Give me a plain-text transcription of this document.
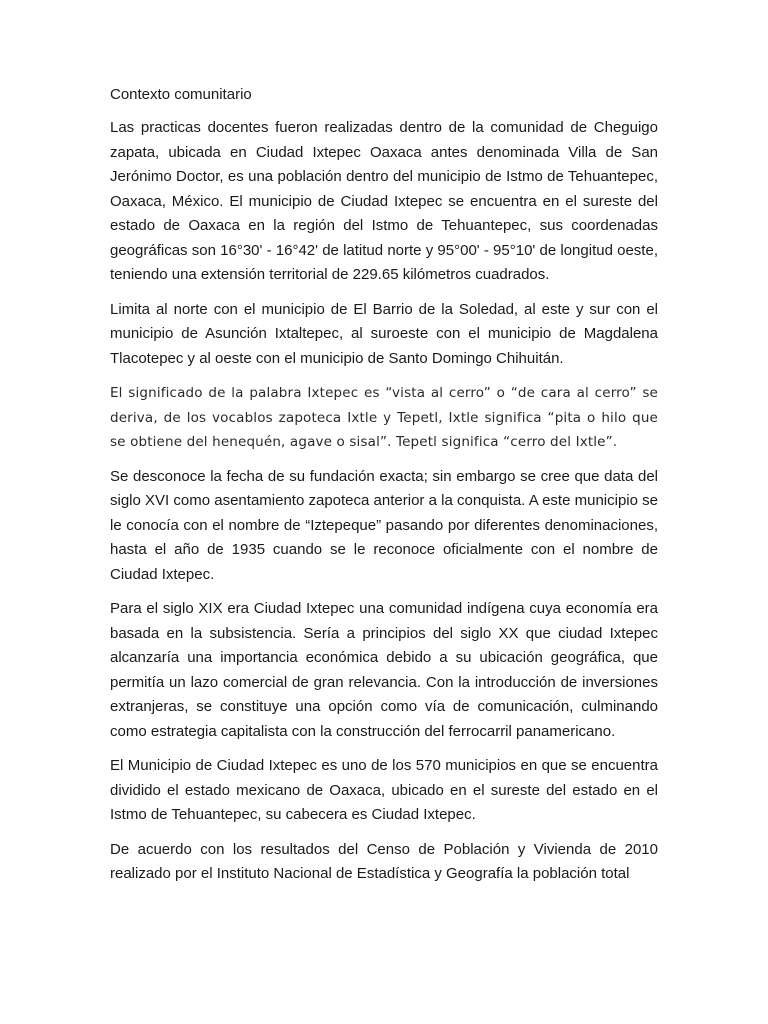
Contexto comunitario

Las practicas docentes fueron realizadas dentro de la comunidad de Cheguigo zapata, ubicada en Ciudad Ixtepec Oaxaca antes denominada Villa de San Jerónimo Doctor, es una población dentro del municipio de Istmo de Tehuantepec, Oaxaca, México. El municipio de Ciudad Ixtepec se encuentra en el sureste del estado de Oaxaca en la región del Istmo de Tehuantepec, sus coordenadas geográficas son 16°30' - 16°42' de latitud norte y 95°00' - 95°10' de longitud oeste, teniendo una extensión territorial de 229.65 kilómetros cuadrados.

Limita al norte con el municipio de El Barrio de la Soledad, al este y sur con el municipio de Asunción Ixtaltepec, al suroeste con el municipio de Magdalena Tlacotepec y al oeste con el municipio de Santo Domingo Chihuitán.

El significado de la palabra Ixtepec es “vista al cerro” o “de cara al cerro” se deriva, de los vocablos zapoteca Ixtle y Tepetl, Ixtle significa “pita o hilo que se obtiene del henequén, agave o sisal”. Tepetl significa “cerro del Ixtle”.

Se desconoce la fecha de su fundación exacta; sin embargo se cree que data del siglo XVI como asentamiento zapoteca anterior a la conquista. A este municipio se le conocía con el nombre de “Iztepeque” pasando por diferentes denominaciones, hasta el año de 1935 cuando se le reconoce oficialmente con el nombre de Ciudad Ixtepec.

Para el siglo XIX era Ciudad Ixtepec una comunidad indígena cuya economía era basada en la subsistencia. Sería a principios del siglo XX que ciudad Ixtepec alcanzaría una importancia económica debido a su ubicación geográfica, que permitía un lazo comercial de gran relevancia. Con la introducción de inversiones extranjeras, se constituye una opción como vía de comunicación, culminando como estrategia capitalista con la construcción del ferrocarril panamericano.

El Municipio de Ciudad Ixtepec es uno de los 570 municipios en que se encuentra dividido el estado mexicano de Oaxaca, ubicado en el sureste del estado en el Istmo de Tehuantepec, su cabecera es Ciudad Ixtepec.

De acuerdo con los resultados del Censo de Población y Vivienda de 2010 realizado por el Instituto Nacional de Estadística y Geografía la población total
